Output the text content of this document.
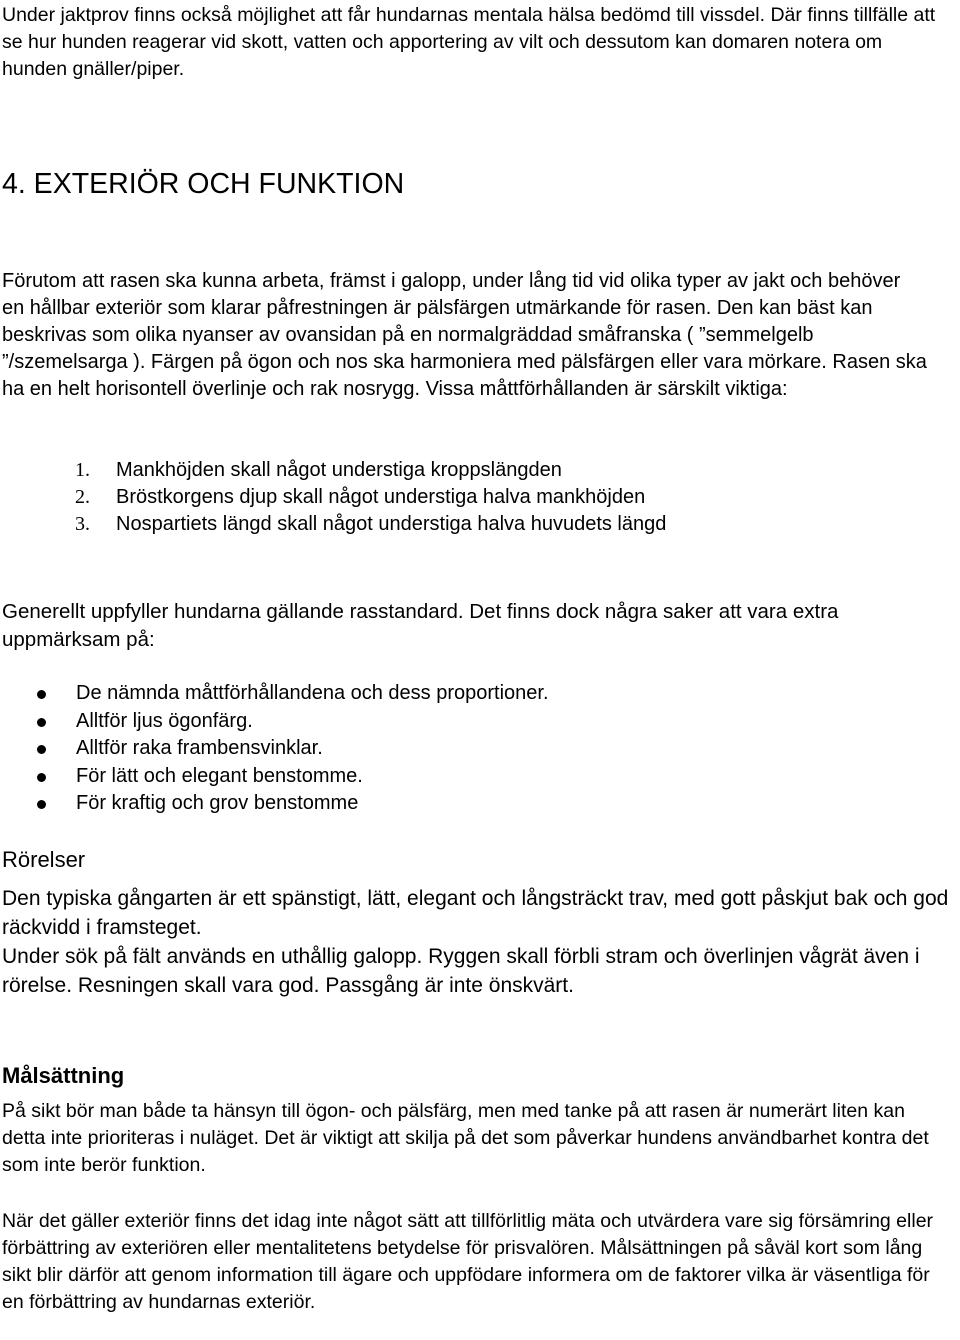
Under jaktprov finns också möjlighet att får hundarnas mentala hälsa bedömd till vissdel. Där finns tillfälle att se hur hunden reagerar vid skott, vatten och apportering av vilt och dessutom kan domaren notera om hunden gnäller/piper.

4. EXTERIÖR OCH FUNKTION

Förutom att rasen ska kunna arbeta, främst i galopp, under lång tid vid olika typer av jakt och behöver en hållbar exteriör som klarar påfrestningen är pälsfärgen utmärkande för rasen. Den kan bäst kan beskrivas som olika nyanser av ovansidan på en normalgräddad småfranska ( ”semmelgelb ”/szemelsarga ). Färgen på ögon och nos ska harmoniera med pälsfärgen eller vara mörkare. Rasen ska ha en helt horisontell överlinje och rak nosrygg. Vissa måttförhållanden är särskilt viktiga:

1. Mankhöjden skall något understiga kroppslängden
2. Bröstkorgens djup skall något understiga halva mankhöjden
3. Nospartiets längd skall något understiga halva huvudets längd

Generellt uppfyller hundarna gällande rasstandard. Det finns dock några saker att vara extra uppmärksam på:

De nämnda måttförhållandena och dess proportioner.
Alltför ljus ögonfärg.
Alltför raka frambensvinklar.
För lätt och elegant benstomme.
För kraftig och grov benstomme
Rörelser
Den typiska gångarten är ett spänstigt, lätt, elegant och långsträckt trav, med gott påskjut bak och god räckvidd i framsteget.
Under sök på fält används en uthållig galopp. Ryggen skall förbli stram och överlinjen vågrät även i rörelse. Resningen skall vara god. Passgång är inte önskvärt.
Målsättning

På sikt bör man både ta hänsyn till ögon- och pälsfärg, men med tanke på att rasen är numerärt liten kan detta inte prioriteras i nuläget. Det är viktigt att skilja på det som påverkar hundens användbarhet kontra det som inte berör funktion.

När det gäller exteriör finns det idag inte något sätt att tillförlitlig mäta och utvärdera vare sig försämring eller förbättring av exteriören eller mentalitetens betydelse för prisvalören. Målsättningen på såväl kort som lång sikt blir därför att genom information till ägare och uppfödare informera om de faktorer vilka är väsentliga för en förbättring av hundarnas exteriör.
